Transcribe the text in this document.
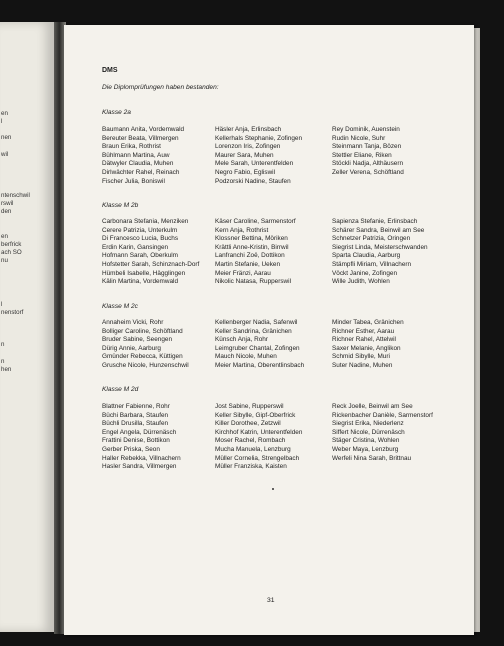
en
l
nen
wil
ntenschwil
rswil
den
en
berfrick
ach SO
nu
l
nenstorf
n
n
hen
DMS
Die Diplomprüfungen haben bestanden:
Klasse 2a
Baumann Anita, Vordemwald
Bereuter Beata, Villmergen
Braun Erika, Rothrist
Bühlmann Martina, Auw
Dätwyler Claudia, Muhen
Dirlwächter Rahel, Reinach
Fischer Julia, Boniswil
Häsler Anja, Erlinsbach
Kellerhals Stephanie, Zofingen
Lorenzon Iris, Zofingen
Maurer Sara, Muhen
Mele Sarah, Unterentfelden
Negro Fabio, Egliswil
Podzorski Nadine, Staufen
Rey Dominik, Auenstein
Rudin Nicole, Suhr
Steinmann Tanja, Bözen
Stettler Eliane, Riken
Stöckli Nadja, Althäusern
Zeller Verena, Schöftland
Klasse M 2b
Carbonara Stefania, Menziken
Cerere Patrizia, Unterkulm
Di Francesco Lucia, Buchs
Erdin Karin, Gansingen
Hofmann Sarah, Oberkulm
Hofstetter Sarah, Schinznach-Dorf
Hümbeli Isabelle, Hägglingen
Kälin Martina, Vordemwald
Käser Caroline, Sarmenstorf
Kern Anja, Rothrist
Klossner Bettina, Möriken
Krättli Anne-Kristin, Birrwil
Lanfranchi Zoë, Dottikon
Martin Stefanie, Ueken
Meier Fränzi, Aarau
Nikolic Natasa, Rupperswil
Sapienza Stefanie, Erlinsbach
Schärer Sandra, Beinwil am See
Schnetzer Patrizia, Oringen
Siegrist Linda, Meisterschwanden
Sparta Claudia, Aarburg
Stämpfli Miriam, Villnachern
Vöckt Janine, Zofingen
Wille Judith, Wohlen
Klasse M 2c
Annaheim Vicki, Rohr
Bolliger Caroline, Schöftland
Bruder Sabine, Seengen
Dürig Annie, Aarburg
Gmünder Rebecca, Küttigen
Grusche Nicole, Hunzenschwil
Kellenberger Nadia, Safenwil
Keller Sandrina, Gränichen
Künsch Anja, Rohr
Leimgruber Chantal, Zofingen
Mauch Nicole, Muhen
Meier Martina, Oberentlinsbach
Minder Tabea, Gränichen
Richner Esther, Aarau
Richner Rahel, Attelwil
Saxer Melanie, Anglikon
Schmid Sibylle, Muri
Suter Nadine, Muhen
Klasse M 2d
Blattner Fabienne, Rohr
Büchi Barbara, Staufen
Büchli Drusilla, Staufen
Engel Angela, Dürrenäsch
Frattini Denise, Bottikon
Gerber Priska, Seon
Haller Rebekka, Villnachern
Hasler Sandra, Villmergen
Jost Sabine, Rupperswil
Keller Sibylle, Gipf-Oberfrick
Killer Dorothee, Zetzwil
Kirchhof Katrin, Unterentfelden
Moser Rachel, Rombach
Mucha Manuela, Lenzburg
Müller Cornelia, Strengelbach
Müller Franziska, Kaisten
Reck Joelle, Beinwil am See
Rickenbacher Danièle, Sarmenstorf
Siegrist Erika, Niederlenz
Siffert Nicole, Dürrenäsch
Stäger Cristina, Wohlen
Weber Maya, Lenzburg
Werfeli Nina Sarah, Brittnau
31
